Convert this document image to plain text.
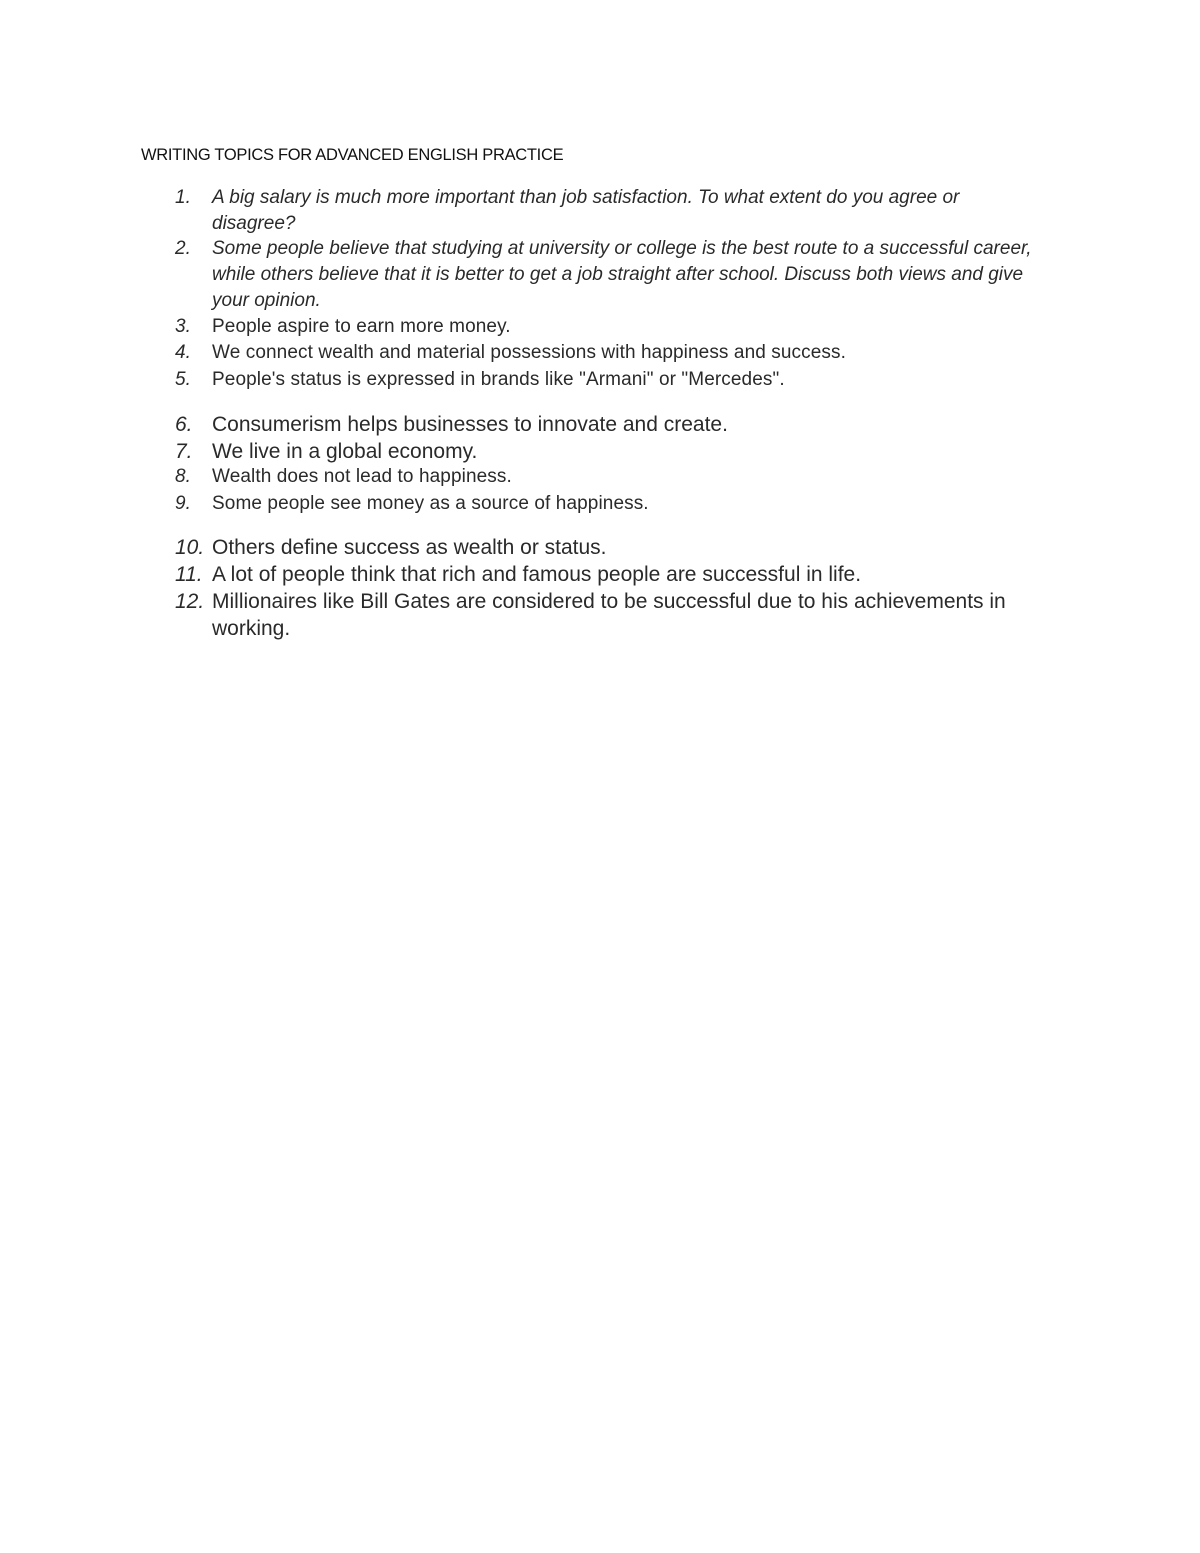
WRITING TOPICS FOR ADVANCED ENGLISH PRACTICE
1. A big salary is much more important than job satisfaction. To what extent do you agree or disagree?
2. Some people believe that studying at university or college is the best route to a successful career, while others believe that it is better to get a job straight after school. Discuss both views and give your opinion.
3. People aspire to earn more money.
4. We connect wealth and material possessions with happiness and success.
5. People's status is expressed in brands like "Armani" or "Mercedes".
6. Consumerism helps businesses to innovate and create.
7. We live in a global economy.
8. Wealth does not lead to happiness.
9. Some people see money as a source of happiness.
10. Others define success as wealth or status.
11. A lot of people think that rich and famous people are successful in life.
12. Millionaires like Bill Gates are considered to be successful due to his achievements in working.
